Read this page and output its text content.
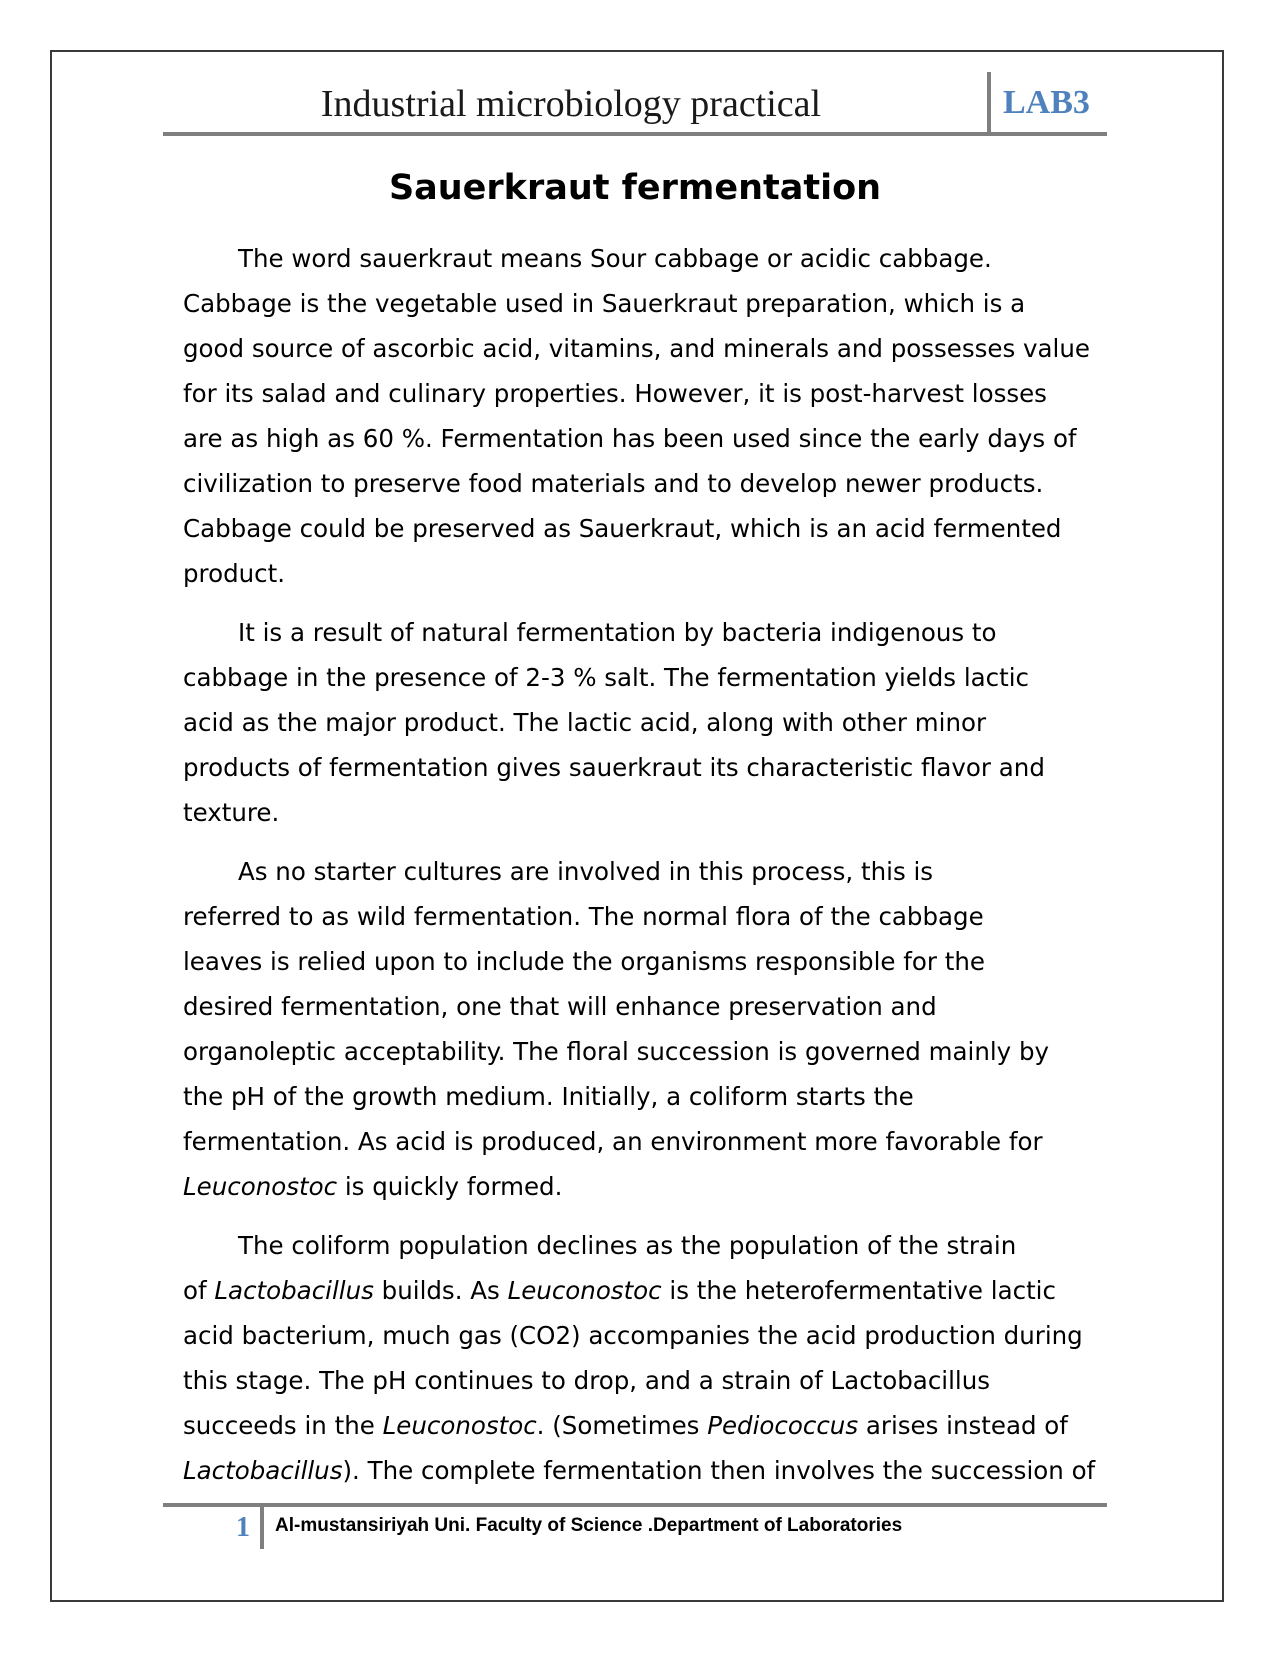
Industrial microbiology practical	LAB3
Sauerkraut fermentation
The word sauerkraut means Sour cabbage or acidic cabbage.
Cabbage is the vegetable used in Sauerkraut preparation, which is a
good source of ascorbic acid, vitamins, and minerals and possesses value
for its salad and culinary properties. However, it is post-harvest losses
are as high as 60 %. Fermentation has been used since the early days of
civilization to preserve food materials and to develop newer products.
Cabbage could be preserved as Sauerkraut, which is an acid fermented
product.
It is a result of natural fermentation by bacteria indigenous to
cabbage in the presence of 2-3 % salt. The fermentation yields lactic
acid as the major product. The lactic acid, along with other minor
products of fermentation gives sauerkraut its characteristic flavor and
texture.
As no starter cultures are involved in this process, this is
referred to as wild fermentation. The normal flora of the cabbage
leaves is relied upon to include the organisms responsible for the
desired fermentation, one that will enhance preservation and
organoleptic acceptability. The floral succession is governed mainly by
the pH of the growth medium. Initially, a coliform starts the
fermentation. As acid is produced, an environment more favorable for
Leuconostoc is quickly formed.
The coliform population declines as the population of the strain
of Lactobacillus builds. As Leuconostoc is the heterofermentative lactic
acid bacterium, much gas (CO2) accompanies the acid production during
this stage. The pH continues to drop, and a strain of Lactobacillus
succeeds in the Leuconostoc. (Sometimes Pediococcus arises instead of
Lactobacillus). The complete fermentation then involves the succession of
1	Al-mustansiriyah Uni. Faculty of Science .Department of Laboratories
